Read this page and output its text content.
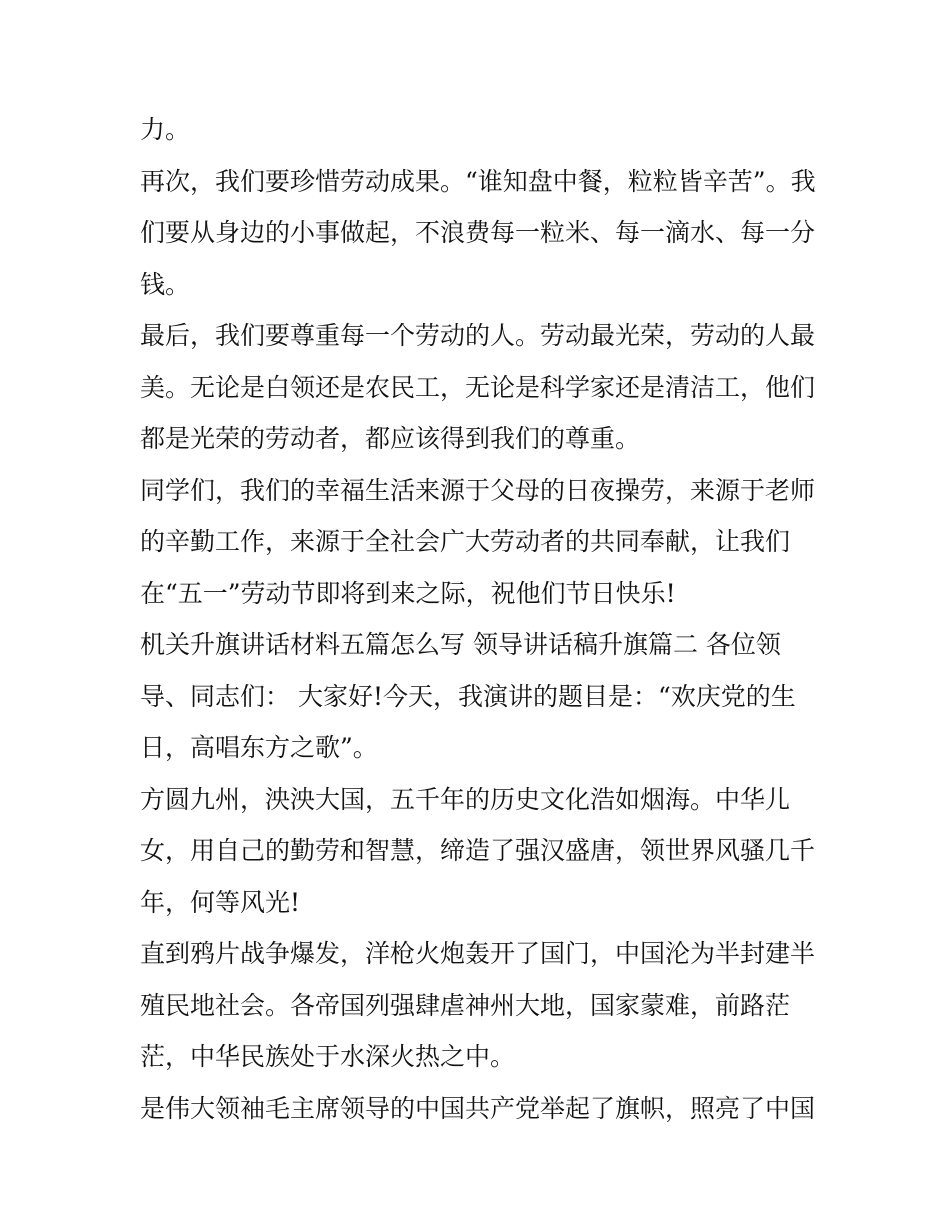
力。
再次，我们要珍惜劳动成果。“谁知盘中餐，粒粒皆辛苦”。我
们要从身边的小事做起，不浪费每一粒米、每一滴水、每一分
钱。
最后，我们要尊重每一个劳动的人。劳动最光荣，劳动的人最
美。无论是白领还是农民工，无论是科学家还是清洁工，他们
都是光荣的劳动者，都应该得到我们的尊重。
同学们，我们的幸福生活来源于父母的日夜操劳，来源于老师
的辛勤工作，来源于全社会广大劳动者的共同奉献，让我们
在“五一”劳动节即将到来之际，祝他们节日快乐!
机关升旗讲话材料五篇怎么写 领导讲话稿升旗篇二 各位领
导、同志们： 大家好!今天，我演讲的题目是：“欢庆党的生
日，高唱东方之歌”。
方圆九州，泱泱大国，五千年的历史文化浩如烟海。中华儿
女，用自己的勤劳和智慧，缔造了强汉盛唐，领世界风骚几千
年，何等风光!
直到鸦片战争爆发，洋枪火炮轰开了国门，中国沦为半封建半
殖民地社会。各帝国列强肆虐神州大地，国家蒙难，前路茫
茫，中华民族处于水深火热之中。
是伟大领袖毛主席领导的中国共产党举起了旗帜，照亮了中国
